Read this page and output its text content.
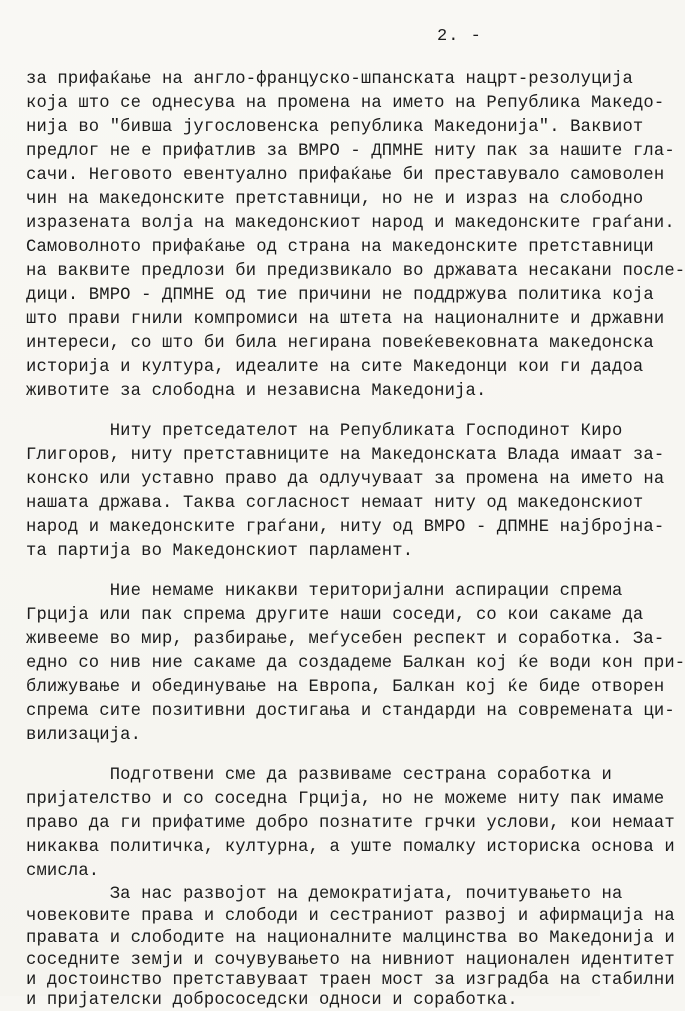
2. -
за прифаќање на англо-француско-шпанската нацрт-резолуција
која што се однесува на промена на името на Република Македо-
нија во "бивша југословенска република Македонија". Ваквиот
предлог не е прифатлив за ВМРО - ДПМНЕ ниту пак за нашите гла-
сачи. Неговото евентуално прифаќање би преставувало самоволен
чин на македонските претставници, но не и израз на слободно
изразената волја на македонскиот народ и македонските граѓани.
Самоволното прифаќање од страна на македонските претставници
на ваквите предлози би предизвикало во државата несакани после-
дици. ВМРО - ДПМНЕ од тие причини не поддржува политика која
што прави гнили компромиси на штета на националните и државни
интереси, со што би била негирана повеќевековната македонска
историја и култура, идеалите на сите Македонци кои ги дадоа
животите за слободна и независна Македонија.
Ниту претседателот на Републиката Господинот Киро
Глигоров, ниту претставниците на Македонската Влада имаат за-
конско или уставно право да одлучуваат за промена на името на
нашата држава. Таква согласност немаат ниту од македонскиот
народ и македонските граѓани, ниту од ВМРО - ДПМНЕ најбројна-
та партија во Македонскиот парламент.
Ние немаме никакви територијални аспирации спрема
Грција или пак спрема другите наши соседи, со кои сакаме да
живееме во мир, разбирање, меѓусебен респект и соработка. За-
едно со нив ние сакаме да создадеме Балкан кој ќе води кон при-
ближување и обединување на Европа, Балкан кој ќе биде отворен
спрема сите позитивни достигања и стандарди на современата ци-
вилизација.
Подготвени сме да развиваме сестрана соработка и
пријателство и со соседна Грција, но не можеме ниту пак имаме
право да ги прифатиме добро познатите грчки услови, кои немаат
никаква политичка, културна, а уште помалку историска основа и
смисла.
За нас развојот на демократијата, почитувањето на
човековите права и слободи и сестраниот развој и афирмација на
правата и слободите на националните малцинства во Македонија и
соседните земји и сочувувањето на нивниот национален идентитет
и достоинство претставуваат траен мост за изградба на стабилни
и пријателски добрососедски односи и соработка.
